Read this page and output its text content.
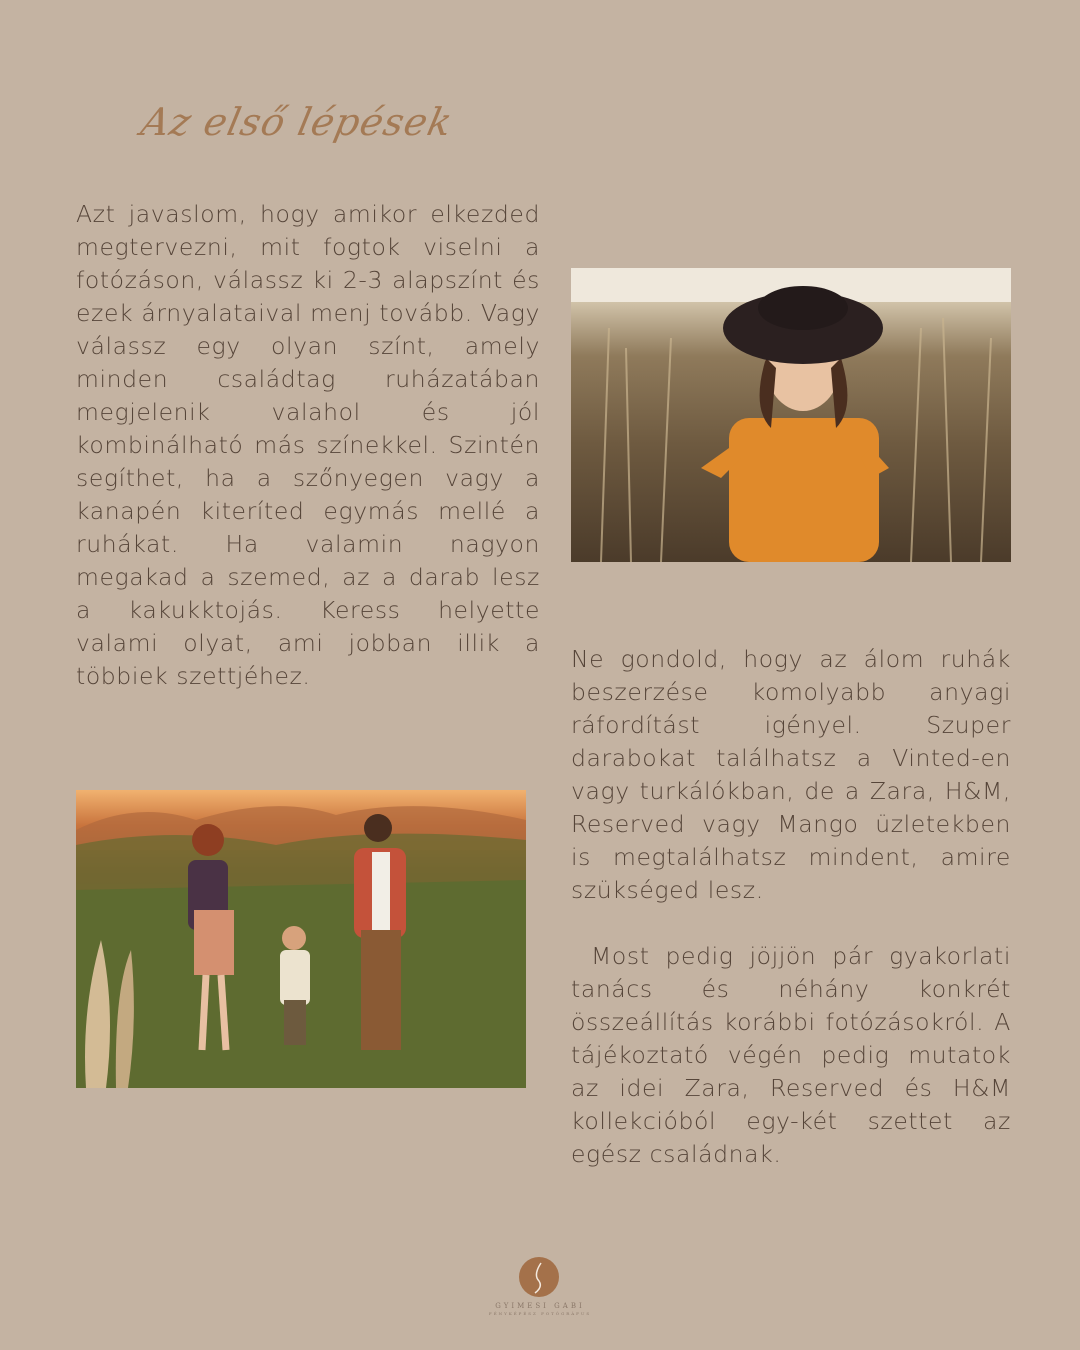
Az első lépések
Azt javaslom, hogy amikor elkezded megtervezni, mit fogtok viselni a fotózáson, válassz ki 2-3 alapszínt és ezek árnyalataival menj tovább. Vagy válassz egy olyan színt, amely minden családtag ruházatában megjelenik valahol és jól kombinálható más színekkel. Szintén segíthet, ha a szőnyegen vagy a kanapén kiteríted egymás mellé a ruhákat. Ha valamin nagyon megakad a szemed, az a darab lesz a kakukktojás. Keress helyette valami olyat, ami jobban illik a többiek szettjéhez.
Ne gondold, hogy az álom ruhák beszerzése komolyabb anyagi ráfordítást igényel. Szuper darabokat találhatsz a Vinted-en vagy turkálókban, de a Zara, H&M, Reserved vagy Mango üzletekben is megtalálhatsz mindent, amire szükséged lesz.
Most pedig jöjjön pár gyakorlati tanács és néhány konkrét összeállítás korábbi fotózásokról. A tájékoztató végén pedig mutatok az idei Zara, Reserved és H&M kollekcióból egy-két szettet az egész családnak.
GYIMESI GABI
FÉNYKÉPÉSZ FOTÓGRÁFUS
